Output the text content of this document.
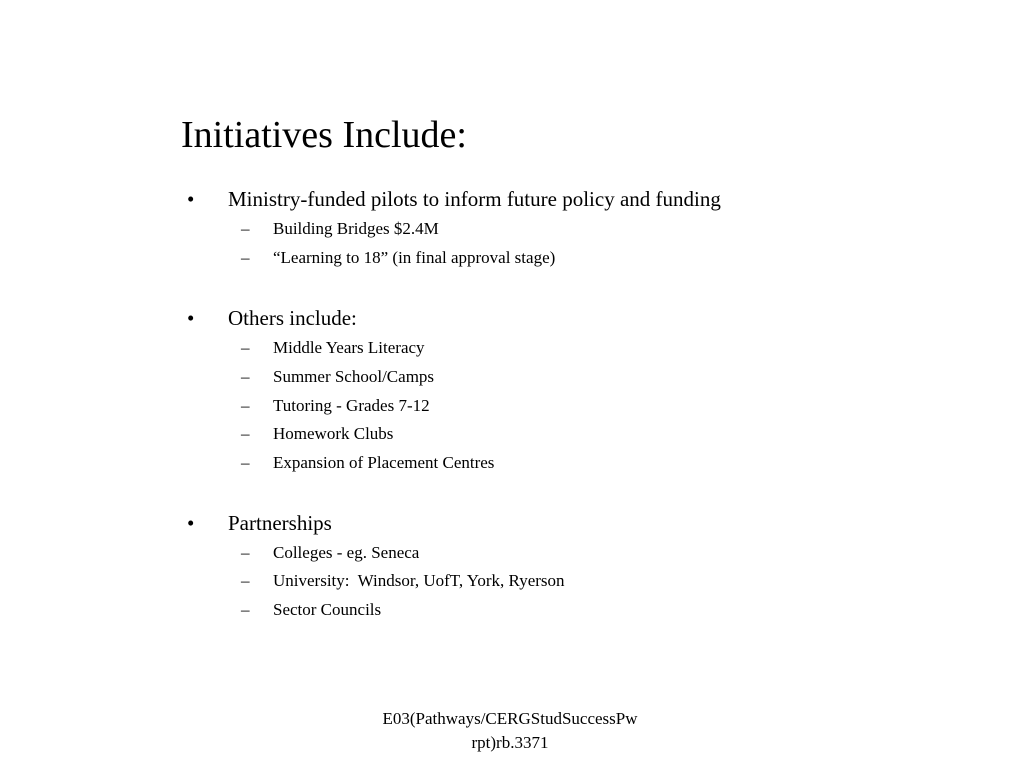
Initiatives Include:
• Ministry-funded pilots to inform future policy and funding
– Building Bridges $2.4M
– “Learning to 18” (in final approval stage)
• Others include:
– Middle Years Literacy
– Summer School/Camps
– Tutoring - Grades 7-12
– Homework Clubs
– Expansion of Placement Centres
• Partnerships
– Colleges - eg. Seneca
– University:  Windsor, UofT, York, Ryerson
– Sector Councils
E03(Pathways/CERGStudSuccessPw
rpt)rb.3371
